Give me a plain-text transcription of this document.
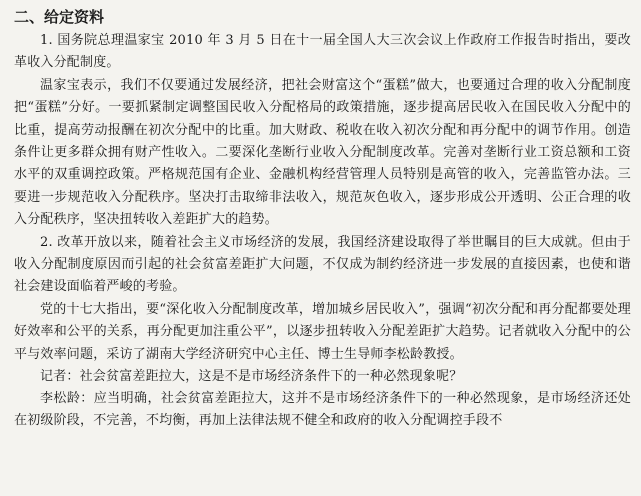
二、给定资料

1. 国务院总理温家宝 2010 年 3 月 5 日在十一届全国人大三次会议上作政府工作报告时指出，要改革收入分配制度。

温家宝表示，我们不仅要通过发展经济，把社会财富这个“蛋糕”做大，也要通过合理的收入分配制度把“蛋糕”分好。一要抓紧制定调整国民收入分配格局的政策措施，逐步提高居民收入在国民收入分配中的比重，提高劳动报酬在初次分配中的比重。加大财政、税收在收入初次分配和再分配中的调节作用。创造条件让更多群众拥有财产性收入。二要深化垄断行业收入分配制度改革。完善对垄断行业工资总额和工资水平的双重调控政策。严格规范国有企业、金融机构经营管理人员特别是高管的收入，完善监管办法。三要进一步规范收入分配秩序。坚决打击取缔非法收入，规范灰色收入，逐步形成公开透明、公正合理的收入分配秩序，坚决扭转收入差距扩大的趋势。

2. 改革开放以来，随着社会主义市场经济的发展，我国经济建设取得了举世瞩目的巨大成就。但由于收入分配制度原因而引起的社会贫富差距扩大问题，不仅成为制约经济进一步发展的直接因素，也使和谐社会建设面临着严峻的考验。

党的十七大指出，要“深化收入分配制度改革，增加城乡居民收入”，强调“初次分配和再分配都要处理好效率和公平的关系，再分配更加注重公平”，以逐步扭转收入分配差距扩大趋势。记者就收入分配中的公平与效率问题，采访了湖南大学经济研究中心主任、博士生导师李松龄教授。

记者：社会贫富差距拉大，这是不是市场经济条件下的一种必然现象呢？

李松龄：应当明确，社会贫富差距拉大，这并不是市场经济条件下的一种必然现象，是市场经济还处在初级阶段，不完善，不均衡，再加上法律法规不健全和政府的收入分配调控手段不
